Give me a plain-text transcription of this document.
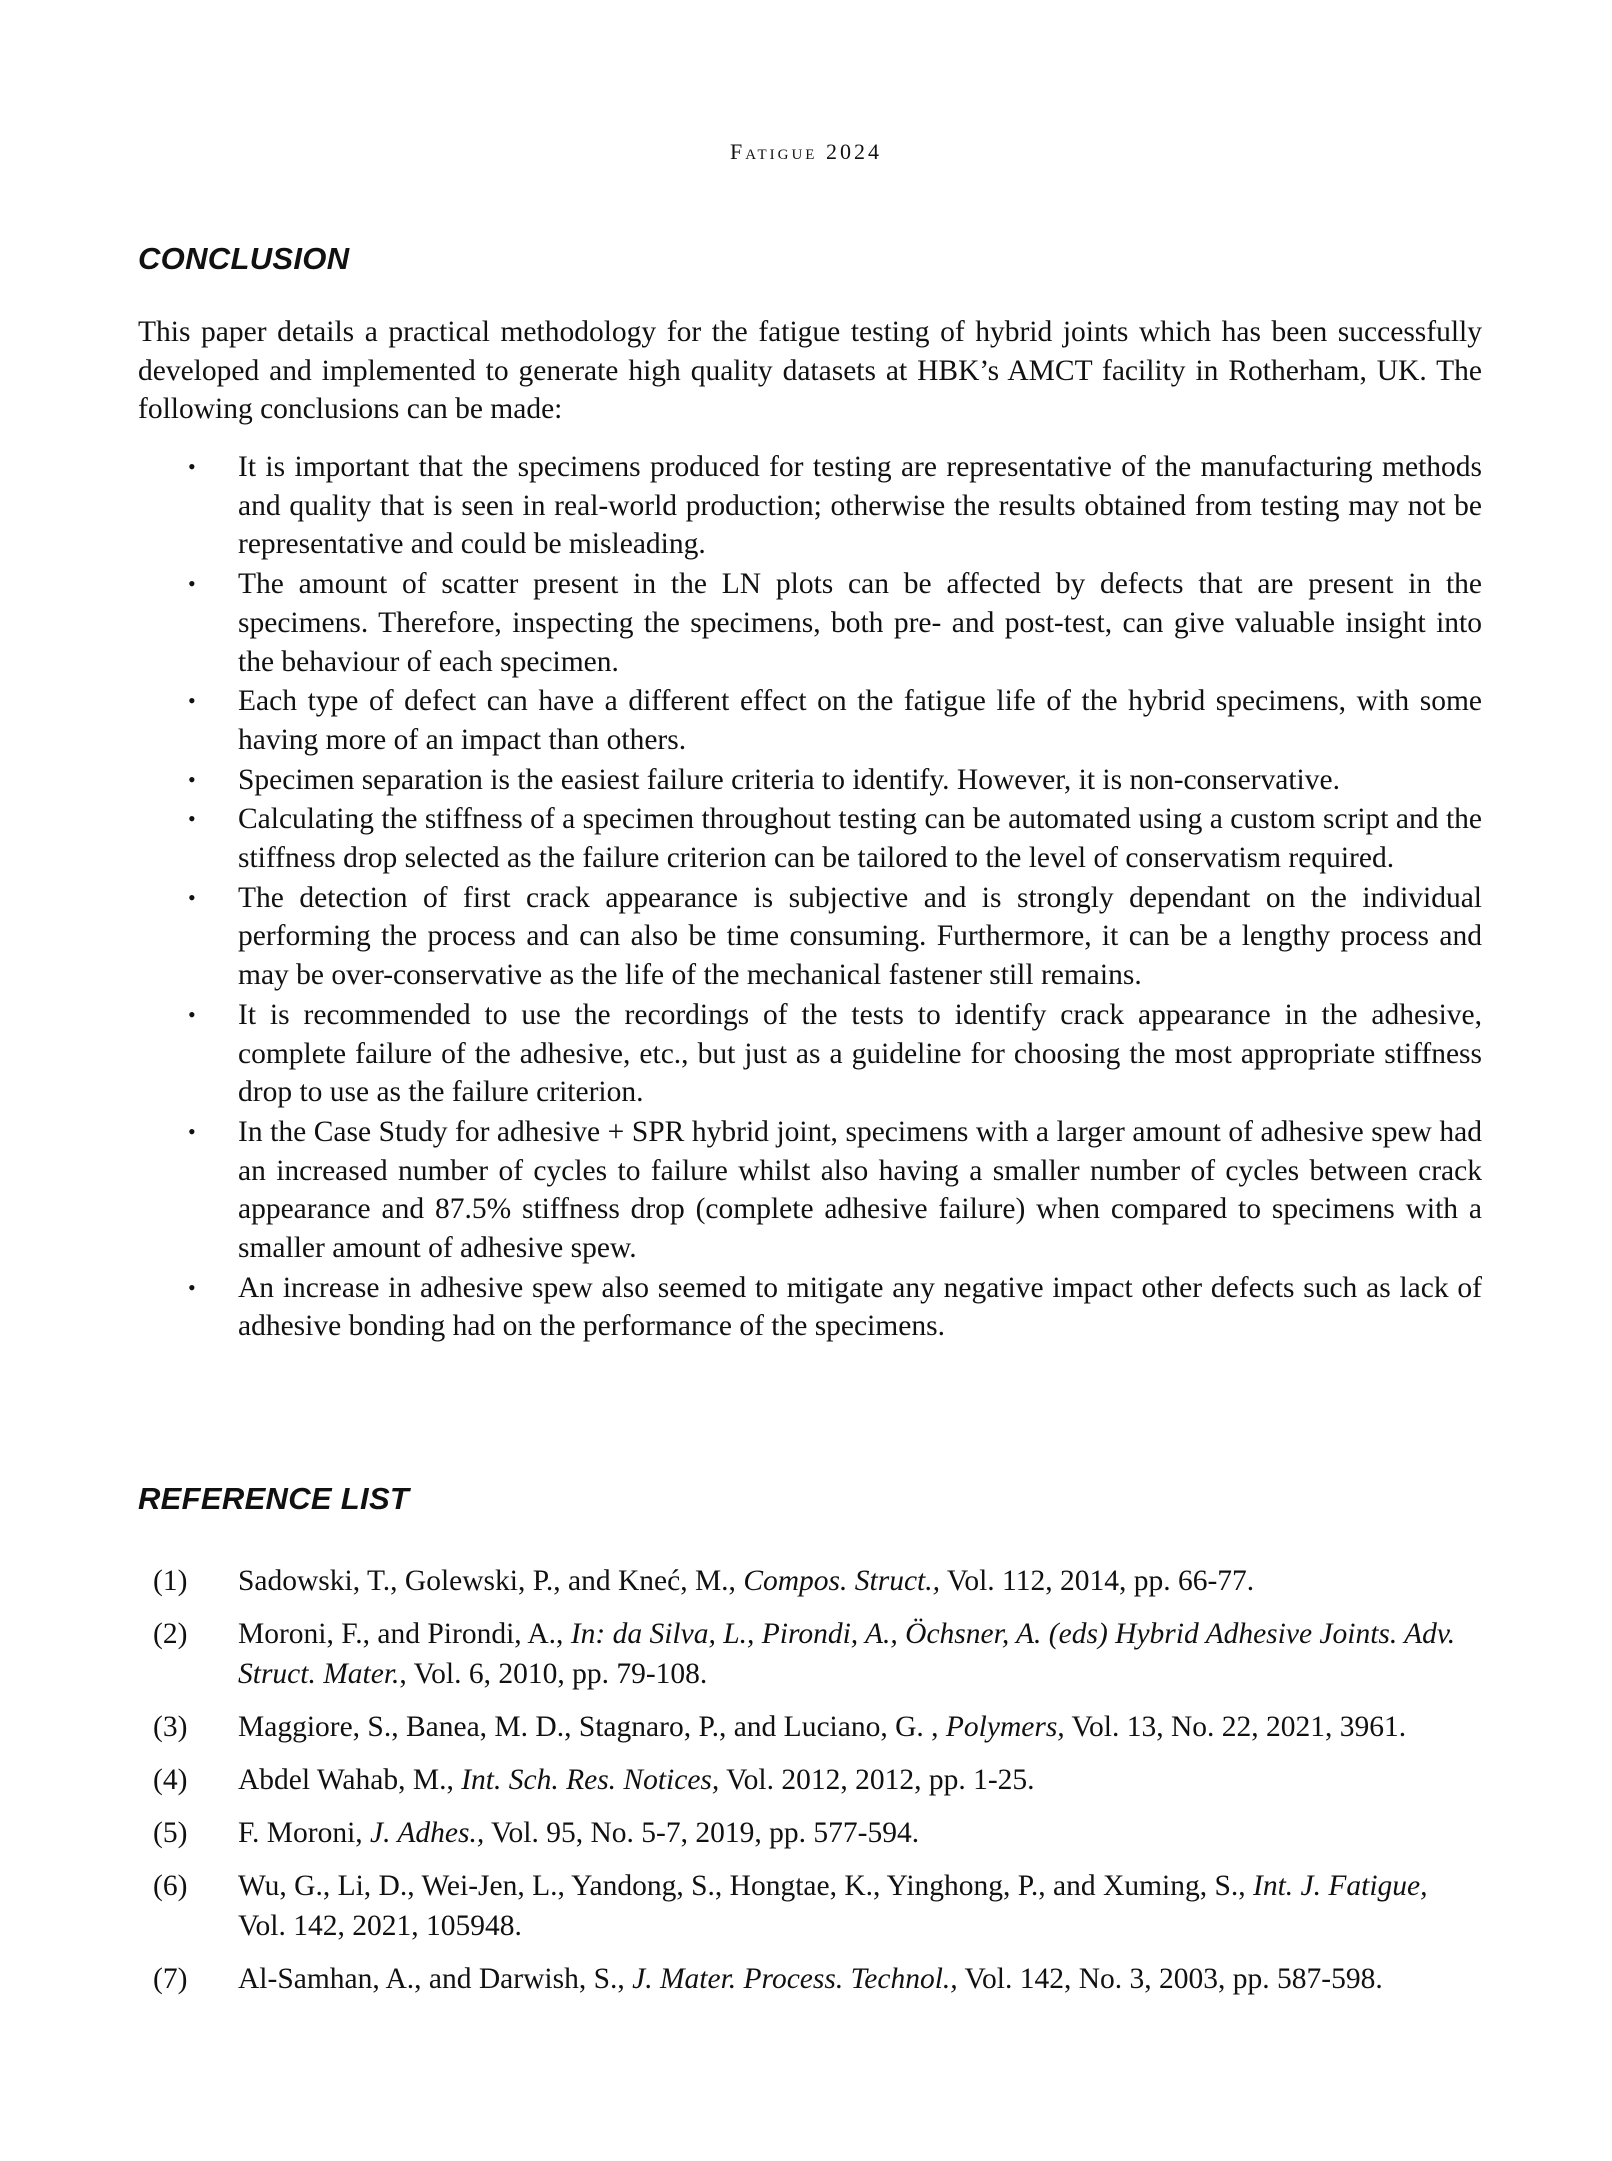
Fatigue 2024
CONCLUSION

This paper details a practical methodology for the fatigue testing of hybrid joints which has been successfully developed and implemented to generate high quality datasets at HBK’s AMCT facility in Rotherham, UK. The following conclusions can be made:

• It is important that the specimens produced for testing are representative of the manufacturing methods and quality that is seen in real-world production; otherwise the results obtained from testing may not be representative and could be misleading.
• The amount of scatter present in the LN plots can be affected by defects that are present in the specimens. Therefore, inspecting the specimens, both pre- and post-test, can give valuable insight into the behaviour of each specimen.
• Each type of defect can have a different effect on the fatigue life of the hybrid specimens, with some having more of an impact than others.
• Specimen separation is the easiest failure criteria to identify. However, it is non-conservative.
• Calculating the stiffness of a specimen throughout testing can be automated using a custom script and the stiffness drop selected as the failure criterion can be tailored to the level of conservatism required.
• The detection of first crack appearance is subjective and is strongly dependant on the individual performing the process and can also be time consuming. Furthermore, it can be a lengthy process and may be over-conservative as the life of the mechanical fastener still remains.
• It is recommended to use the recordings of the tests to identify crack appearance in the adhesive, complete failure of the adhesive, etc., but just as a guideline for choosing the most appropriate stiffness drop to use as the failure criterion.
• In the Case Study for adhesive + SPR hybrid joint, specimens with a larger amount of adhesive spew had an increased number of cycles to failure whilst also having a smaller number of cycles between crack appearance and 87.5% stiffness drop (complete adhesive failure) when compared to specimens with a smaller amount of adhesive spew.
• An increase in adhesive spew also seemed to mitigate any negative impact other defects such as lack of adhesive bonding had on the performance of the specimens.
REFERENCE LIST
(1) Sadowski, T., Golewski, P., and Kneć, M., Compos. Struct., Vol. 112, 2014, pp. 66-77.
(2) Moroni, F., and Pirondi, A., In: da Silva, L., Pirondi, A., Öchsner, A. (eds) Hybrid Adhesive Joints. Adv. Struct. Mater., Vol. 6, 2010, pp. 79-108.
(3) Maggiore, S., Banea, M. D., Stagnaro, P., and Luciano, G. , Polymers, Vol. 13, No. 22, 2021, 3961.
(4) Abdel Wahab, M., Int. Sch. Res. Notices, Vol. 2012, 2012, pp. 1-25.
(5) F. Moroni, J. Adhes., Vol. 95, No. 5-7, 2019, pp. 577-594.
(6) Wu, G., Li, D., Wei-Jen, L., Yandong, S., Hongtae, K., Yinghong, P., and Xuming, S., Int. J. Fatigue, Vol. 142, 2021, 105948.
(7) Al-Samhan, A., and Darwish, S., J. Mater. Process. Technol., Vol. 142, No. 3, 2003, pp. 587-598.
